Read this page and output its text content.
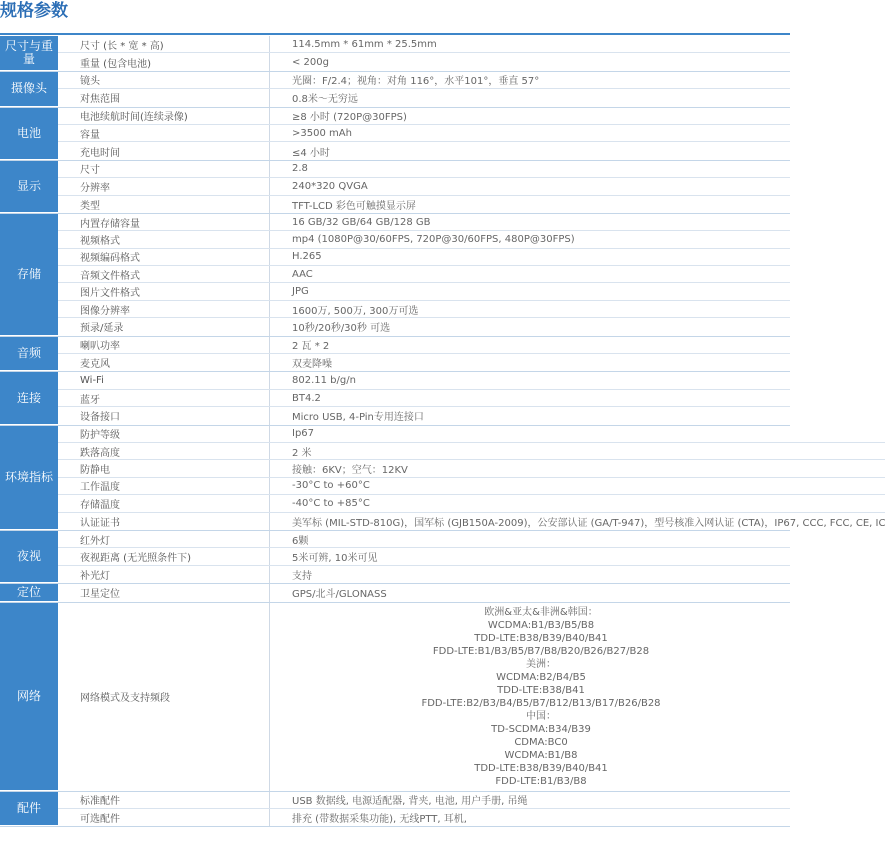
规格参数
尺寸与重量
尺寸 (长 * 宽 * 高)	114.5mm * 61mm * 25.5mm
重量 (包含电池)	< 200g
摄像头	镜头	光圈：F/2.4；视角：对角 116°，水平101°，垂直 57°
对焦范围	0.8米～无穷远
电池
电池续航时间(连续录像)	≥8 小时 (720P@30FPS)
容量	>3500 mAh
充电时间	≤4 小时
显示
尺寸	2.8
分辨率	240*320 QVGA
类型	TFT-LCD 彩色可触摸显示屏
存储
内置存储容量	16 GB/32 GB/64 GB/128 GB
视频格式	mp4 (1080P@30/60FPS, 720P@30/60FPS, 480P@30FPS)
视频编码格式	H.265
音频文件格式	AAC
图片文件格式	JPG
图像分辨率	1600万, 500万, 300万可选
预录/延录	10秒/20秒/30秒 可选
音频	喇叭功率	2 瓦 * 2
麦克风	双麦降噪
连接
Wi-Fi	802.11 b/g/n
蓝牙	BT4.2
设备接口	Micro USB, 4-Pin专用连接口
环境指标
防护等级	Ip67
跌落高度	2 米
防静电	接触：6KV；空气：12KV
工作温度	-30°C to +60°C
存储温度	-40°C to +85°C
认证证书	美军标 (MIL-STD-810G)，国军标 (GJB150A-2009)，公安部认证 (GA/T-947)，型号核准入网认证 (CTA)，IP67, CCC, FCC, CE, IC
夜视
红外灯	6颗
夜视距离 (无光照条件下)	5米可辨, 10米可见
补光灯	支持
定位	卫星定位	GPS/北斗/GLONASS
网络	网络模式及支持频段
欧洲&亚太&非洲&韩国：
WCDMA:B1/B3/B5/B8
TDD-LTE:B38/B39/B40/B41
FDD-LTE:B1/B3/B5/B7/B8/B20/B26/B27/B28
美洲：
WCDMA:B2/B4/B5
TDD-LTE:B38/B41
FDD-LTE:B2/B3/B4/B5/B7/B12/B13/B17/B26/B28
中国：
TD-SCDMA:B34/B39
CDMA:BC0
WCDMA:B1/B8
TDD-LTE:B38/B39/B40/B41
FDD-LTE:B1/B3/B8
配件	标准配件	USB 数据线, 电源适配器, 背夹, 电池, 用户手册, 吊绳
可选配件	排充 (带数据采集功能), 无线PTT, 耳机,
